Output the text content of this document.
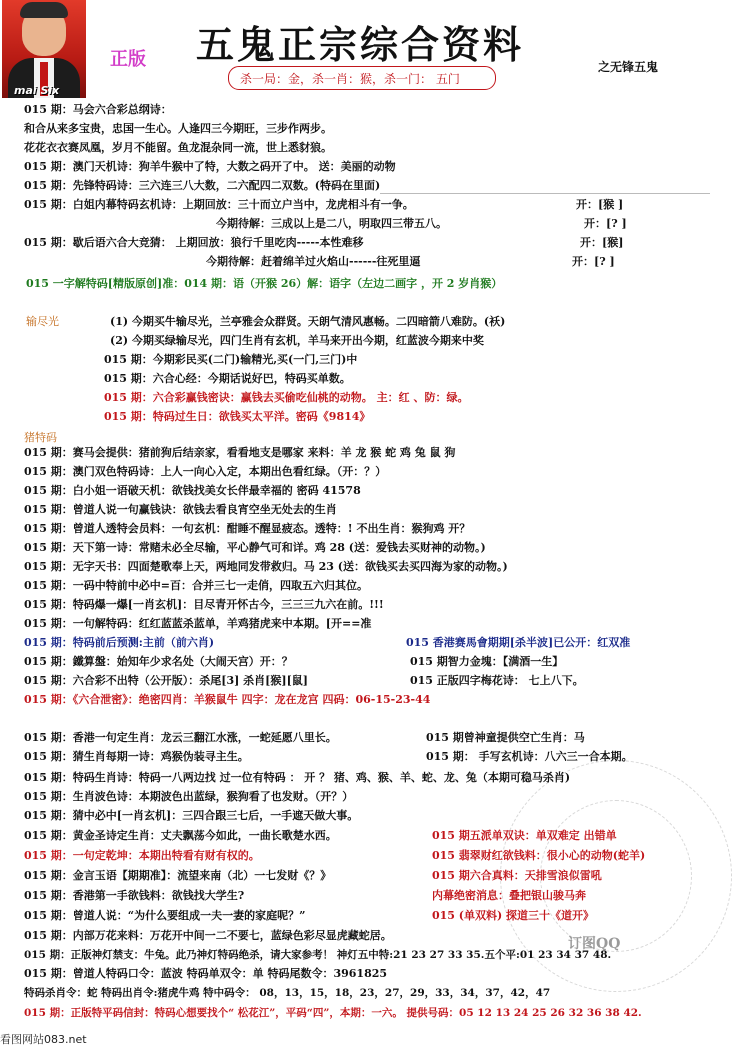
mai Six
正版 五鬼正宗综合资料
杀一局：金，杀一肖：猴，杀一门： 五门
之无锋五鬼
015 期：马会六合彩总纲诗：
和合从来多宝贵，忠国一生心。人逢四三今期旺，三步作两步。
花花衣衣赛凤凰，岁月不能留。鱼龙混杂同一流，世上悉豺狼。
015 期：澳门天机诗：狗羊牛猴中了特，大数之码开了中。 送：美丽的动物
015 期：先锋特码诗：三六连三八大数，二六配四二双数。(特码在里面)
015 期：白姐内幕特码玄机诗：上期回放：三十而立户当中，龙虎相斗有一争。	开：[猴 ]
今期待解：三成以上是二八，明取四三带五八。	开：[? ]
015 期：歇后语六合大竞猜： 上期回放：狼行千里吃肉-----本性难移	开：[猴]
今期待解：赶着绵羊过火焰山------往死里逼	开：[? ]
015 一字解特码[精版原创]准：014 期：语（开猴 26）解：语字（左边二画字 ，开 2 岁肖猴）
输尽光	(1) 今期买牛输尽光，兰亭雅会众群贤。天朗气清风惠畅。二四暗箭八难防。(袄)
(2) 今期买绿输尽光，四门生肖有玄机，羊马来开出今期，红蓝波今期来中奖
015 期：今期彩民买(二门)输精光,买(一门,三门)中
015 期：六合心经：今期话说好巴，特码买单数。
015 期：六合彩赢钱密诀：赢钱去买偷吃仙桃的动物。 主：红 、防：绿。
015 期：特码过生日：欲钱买太平洋。密码《9814》
猪特码
015 期：赛马会提供：猪前狗后结亲家，看看地支是哪家 来料：羊 龙 猴 蛇 鸡 兔 鼠 狗
015 期：澳门双色特码诗：上人一向心入定，本期出色看红绿。（开：？）
015 期：白小姐一语破天机：欲钱找美女长伴最幸福的 密码 41578
015 期：曾道人说一句赢钱诀：欲钱去看良宵空坐无处去的生肖
015 期：曾道人透特会员料：一句玄机：酣睡不醒显疲态。透特：! 不出生肖：猴狗鸡 开？
015 期：天下第一诗：常赌未必全尽输，平心静气可和详。鸡 28 (送：爱钱去买财神的动物。)
015 期：无字天书：四面楚歌奉上天，两地同发带救归。马 23 (送：欲钱买去买四海为家的动物。)
015 期：一码中特前中必中=百：合并三七一走俏，四取五六归其位。
015 期：特码爆一爆[一肖玄机]：目尽青开怀古今，三三三九六在前。!!!
015 期：一句解特码：红红蓝蓝杀蓝单，羊鸡猪虎来中本期。[开==准
015 期：特码前后预测:主前（前六肖)	015 香港赛馬會期期[杀半波]已公开：红双准
015 期：鐵算盤：始知年少求名处（大闹天宫）开：？	015 期智力金塊：【满酒一生】
015 期：六合彩不出特（公开版）：杀尾[3] 杀肖[猴][鼠]	015 正版四字梅花诗： 七上八下。
015 期：《六合泄密》：绝密四肖：羊猴鼠牛 四字：龙在龙宫 四码：06-15-23-44
015 期：香港一句定生肖：龙云三翻江水涨，一蛇延愿八里长。	015 期曾神童提供空亡生肖：马
015 期：猜生肖每期一诗：鸡猴伪装寻主生。	015 期： 手写玄机诗：八六三一合本期。
015 期：特码生肖诗：特码一八两边找 过一位有特码 ： 开 ？ 猪、鸡、猴、羊、蛇、龙、兔（本期可稳马杀肖)
015 期：生肖波色诗：本期波色出蓝绿，猴狗看了也发财。（开？）
015 期：猜中必中[一肖玄机]：三四合跟三七后，一手遮天做大事。
015 期：黄金圣诗定生肖：丈夫飘荡今如此，一曲长歌楚水西。	015 期五派单双诀：单双难定 出错单
015 期：一句定乾坤：本期出特看有财有权的。	015 翡翠财红欲钱料：很小心的动物(蛇羊)
015 期：金言玉语【期期准】：流望来南（北）一七发财《？》	015 期六合真料：天排雪浪似雷吼
015 期：香港第一手欲钱料：欲钱找大学生?	内幕绝密消息：叠把银山骏马奔
015 期：曾道人说：“为什么要组成一夫一妻的家庭呢？”	015 (单双料) 探道三十《道开》
015 期：内部万花来料：万花开中间一二不要七，蓝绿色彩尽显虎藏蛇居。
订图QQ
015 期：正版神灯禁支：牛兔。此乃神灯特码绝杀，请大家参考！ 神灯五中特:21 23 27 33 35.五个平:01 23 34 37 48.
015 期：曾道人特码口令：蓝波 特码单双令：单 特码尾数令：3961825
特码杀肖令：蛇 特码出肖令:猪虎牛鸡 特中码令： 08，13，15，18，23，27，29，33，34，37，42，47
015 期：正版特平码信封：特码心想要找个“ 松花江”，平码“四”，本期：一六。 提供号码：05 12 13 24 25 26 32 36 38 42.
看图网站083.net
